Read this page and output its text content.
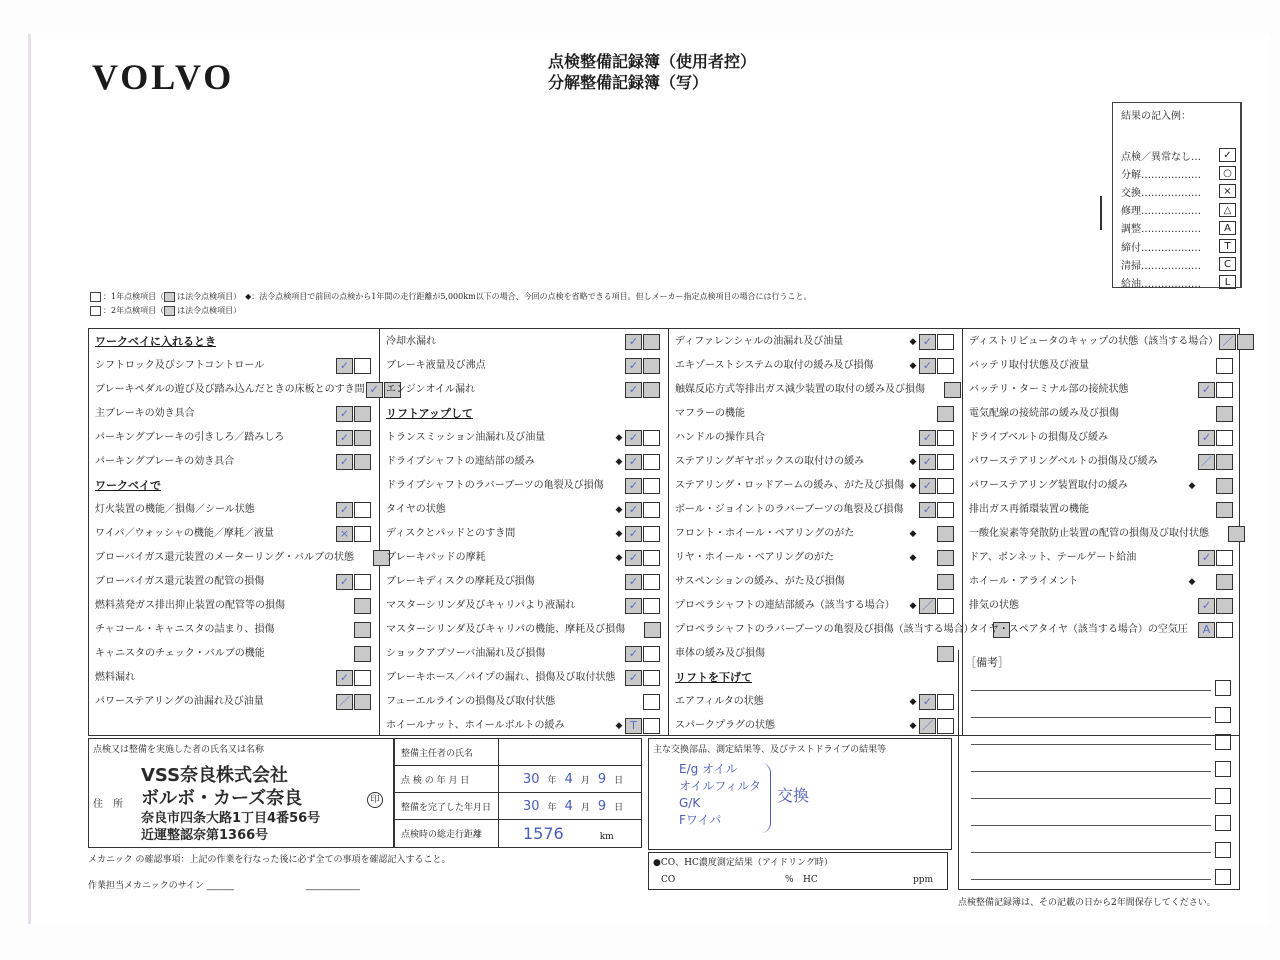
VOLVO	点検整備記録簿（使用者控）
分解整備記録簿（写）
結果の記入例：
点検／異常なし…	✓
分解………………	○
交換………………	×
修理………………	△
調整………………	A
締付………………	T
清掃………………	C
給油………………	L
：1年点検項目（ は法令点検項目）　 ◆：法令点検項目で前回の点検から1年間の走行距離が5,000km以下の場合、今回の点検を省略できる項目。但しメーカー指定点検項目の場合には行うこと。
：2年点検項目（ は法令点検項目）
ワークベイに入れるとき
シフトロック及びシフトコントロール	✓
ブレーキペダルの遊び及び踏み込んだときの床板とのすき間 ✓
主ブレーキの効き具合	✓
パーキングブレーキの引きしろ／踏みしろ	✓
パーキングブレーキの効き具合	✓
ワークベイで
灯火装置の機能／損傷／シール状態	✓
ワイパ／ウォッシャの機能／摩耗／液量	×
ブローバイガス還元装置のメーターリング・バルブの状態
ブローバイガス還元装置の配管の損傷	✓
燃料蒸発ガス排出抑止装置の配管等の損傷
チャコール・キャニスタの詰まり、損傷
キャニスタのチェック・バルブの機能
燃料漏れ	✓
パワーステアリングの油漏れ及び油量	／
冷却水漏れ	✓
ブレーキ液量及び沸点	✓
エンジンオイル漏れ	✓
リフトアップして
トランスミッション油漏れ及び油量	◆ ✓
ドライブシャフトの連結部の緩み	◆ ✓
ドライブシャフトのラバーブーツの亀裂及び損傷	✓
タイヤの状態	◆ ✓
ディスクとパッドとのすき間	◆ ✓
ブレーキパッドの摩耗	◆ ✓
ブレーキディスクの摩耗及び損傷	✓
マスターシリンダ及びキャリパより液漏れ	✓
マスターシリンダ及びキャリパの機能、摩耗及び損傷
ショックアブソーバ油漏れ及び損傷	✓
ブレーキホース／パイプの漏れ、損傷及び取付状態	✓
フューエルラインの損傷及び取付状態
ホイールナット、ホイールボルトの緩み	◆ T
ディファレンシャルの油漏れ及び油量	◆ ✓
エキゾーストシステムの取付の緩み及び損傷	◆ ✓
触媒反応方式等排出ガス減少装置の取付の緩み及び損傷
マフラーの機能
ハンドルの操作具合	✓
ステアリングギヤボックスの取付けの緩み	◆ ✓
ステアリング・ロッドアームの緩み、がた及び損傷 ◆ ✓
ボール・ジョイントのラバーブーツの亀裂及び損傷	✓
フロント・ホイール・ベアリングのがた	◆
リヤ・ホイール・ベアリングのがた	◆
サスペンションの緩み、がた及び損傷
プロペラシャフトの連結部緩み（該当する場合）	◆ ／
プロペラシャフトのラバーブーツの亀裂及び損傷（該当する場合）
車体の緩み及び損傷
リフトを下げて
エアフィルタの状態	◆ ✓
スパークプラグの状態	◆ ／
ディストリビュータのキャップの状態（該当する場合） ／
バッテリ取付状態及び液量
バッテリ・ターミナル部の接続状態	✓
電気配線の接続部の緩み及び損傷
ドライブベルトの損傷及び緩み	✓
パワーステアリングベルトの損傷及び緩み	／
パワーステアリング装置取付の緩み	◆
排出ガス再循環装置の機能
一酸化炭素等発散防止装置の配管の損傷及び取付状態
ドア、ボンネット、テールゲート給油	✓
ホイール・アライメント	◆
排気の状態	✓
タイヤ・スペアタイヤ（該当する場合）の空気圧	A
［備考］
点検又は整備を実施した者の氏名又は名称
住　所
VSS奈良株式会社
ボルボ・カーズ奈良
奈良市四条大路1丁目4番56号
近運整認奈第1366号
印
整備主任者の氏名
点 検 の 年 月 日	30 年 4 月 9 日
整備を完了した年月日	30 年 4 月 9 日
点検時の総走行距離	1576	km
主な交換部品、測定結果等、及びテストドライブの結果等
E/g オイル
オイルフィルタ
G/K
Fワイパ
交換
●CO、HC濃度測定結果（アイドリング時）
CO	% HC	ppm
メカニック の確認事項：上記の作業を行なった後に必ず全ての事項を確認記入すること。
作業担当メカニックのサイン ______　　　　　　　　____________
点検整備記録簿は、その記載の日から2年間保存してください。
